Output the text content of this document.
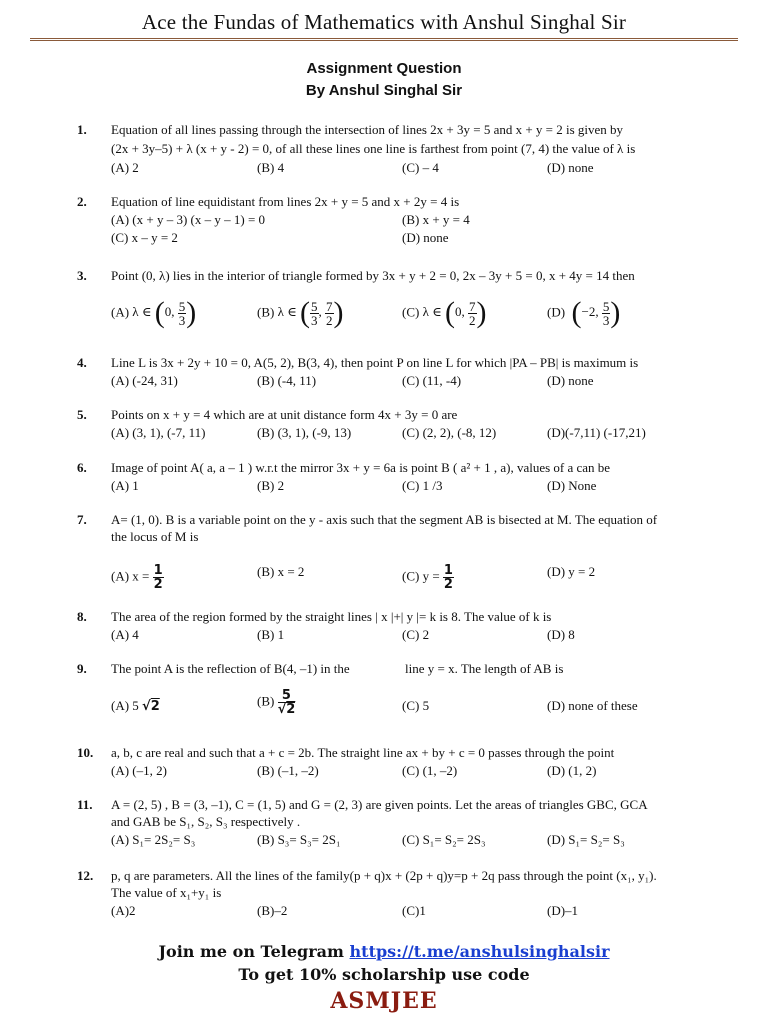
Ace the Fundas of Mathematics with Anshul Singhal Sir
Assignment Question
By Anshul Singhal Sir
1. Equation of all lines passing through the intersection of lines 2x + 3y = 5 and x + y = 2 is given by
(2x + 3y–5) + λ (x + y - 2) = 0, of all these lines one line is farthest from point (7, 4) the value of λ is
(A) 2	(B) 4	(C) – 4	(D) none
2. Equation of line equidistant from lines 2x + y = 5 and x + 2y = 4 is
(A) (x + y – 3) (x – y – 1) = 0	(B) x + y = 4
(C) x – y = 2	(D) none
3. Point (0, λ) lies in the interior of triangle formed by 3x + y + 2 = 0, 2x – 3y + 5 = 0, x + 4y = 14 then
(A) λ ∈ (0, $\frac{5}{3}$ )	(B) λ ∈ ( $\frac{5}{3}$ , $\frac{7}{2}$ )	(C) λ ∈ (0, $\frac{7}{2}$ )	(D) (−2, $\frac{5}{3}$ )
4. Line L is 3x + 2y + 10 = 0, A(5, 2), B(3, 4), then point P on line L for which |PA – PB| is maximum is
(A) (-24, 31)	(B) (-4, 11)	(C) (11, -4)	(D) none
5. Points on x + y = 4 which are at unit distance form 4x + 3y = 0 are
(A) (3, 1), (-7, 11)	(B) (3, 1), (-9, 13)	(C) (2, 2), (-8, 12)	(D)(-7,11) (-17,21)
6. Image of point A( a, a – 1 ) w.r.t the mirror 3x + y = 6a is point B ( a² + 1 , a), values of a can be
(A) 1	(B) 2	(C) 1 /3	(D) None
7. A= (1, 0). B is a variable point on the y - axis such that the segment AB is bisected at M. The equation of
the locus of M is
(A) $x = \frac{1}{2}$	(B) x = 2	(C) $y = \frac{1}{2}$	(D) y = 2
8. The area of the region formed by the straight lines | x |+| y |= k is 8. The value of k is
(A) 4	(B) 1	(C) 2	(D) 8
9. The point A is the reflection of B(4, –1) in the	line y = x. The length of AB is
(A) 5 √2	$(B) \frac{5}{√2}$	(C) 5	(D) none of these
10. a, b, c are real and such that a + c = 2b. The straight line ax + by + c = 0 passes through the point
(A) (–1, 2)	(B) (–1, –2)	(C) (1, –2)	(D) (1, 2)
11. A = (2, 5) , B = (3, –1), C = (1, 5) and G = (2, 3) are given points. Let the areas of triangles GBC, GCA
and GAB be S₁, S₂, S₃ respectively .
(A) S₁= 2S₂= S₃	(B) S₃= S₃= 2S₁	(C) S₁= S₂= 2S₃	(D) S₁= S₂= S₃
12. p, q are parameters. All the lines of the family(p + q)x + (2p + q)y=p + 2q pass through the point (x₁, y₁).
The value of x₁+y₁ is
(A)2	(B)–2	(C)1	(D)–1
Join me on Telegram https://t.me/anshulsinghalsir
To get 10% scholarship use code
ASMJEE
